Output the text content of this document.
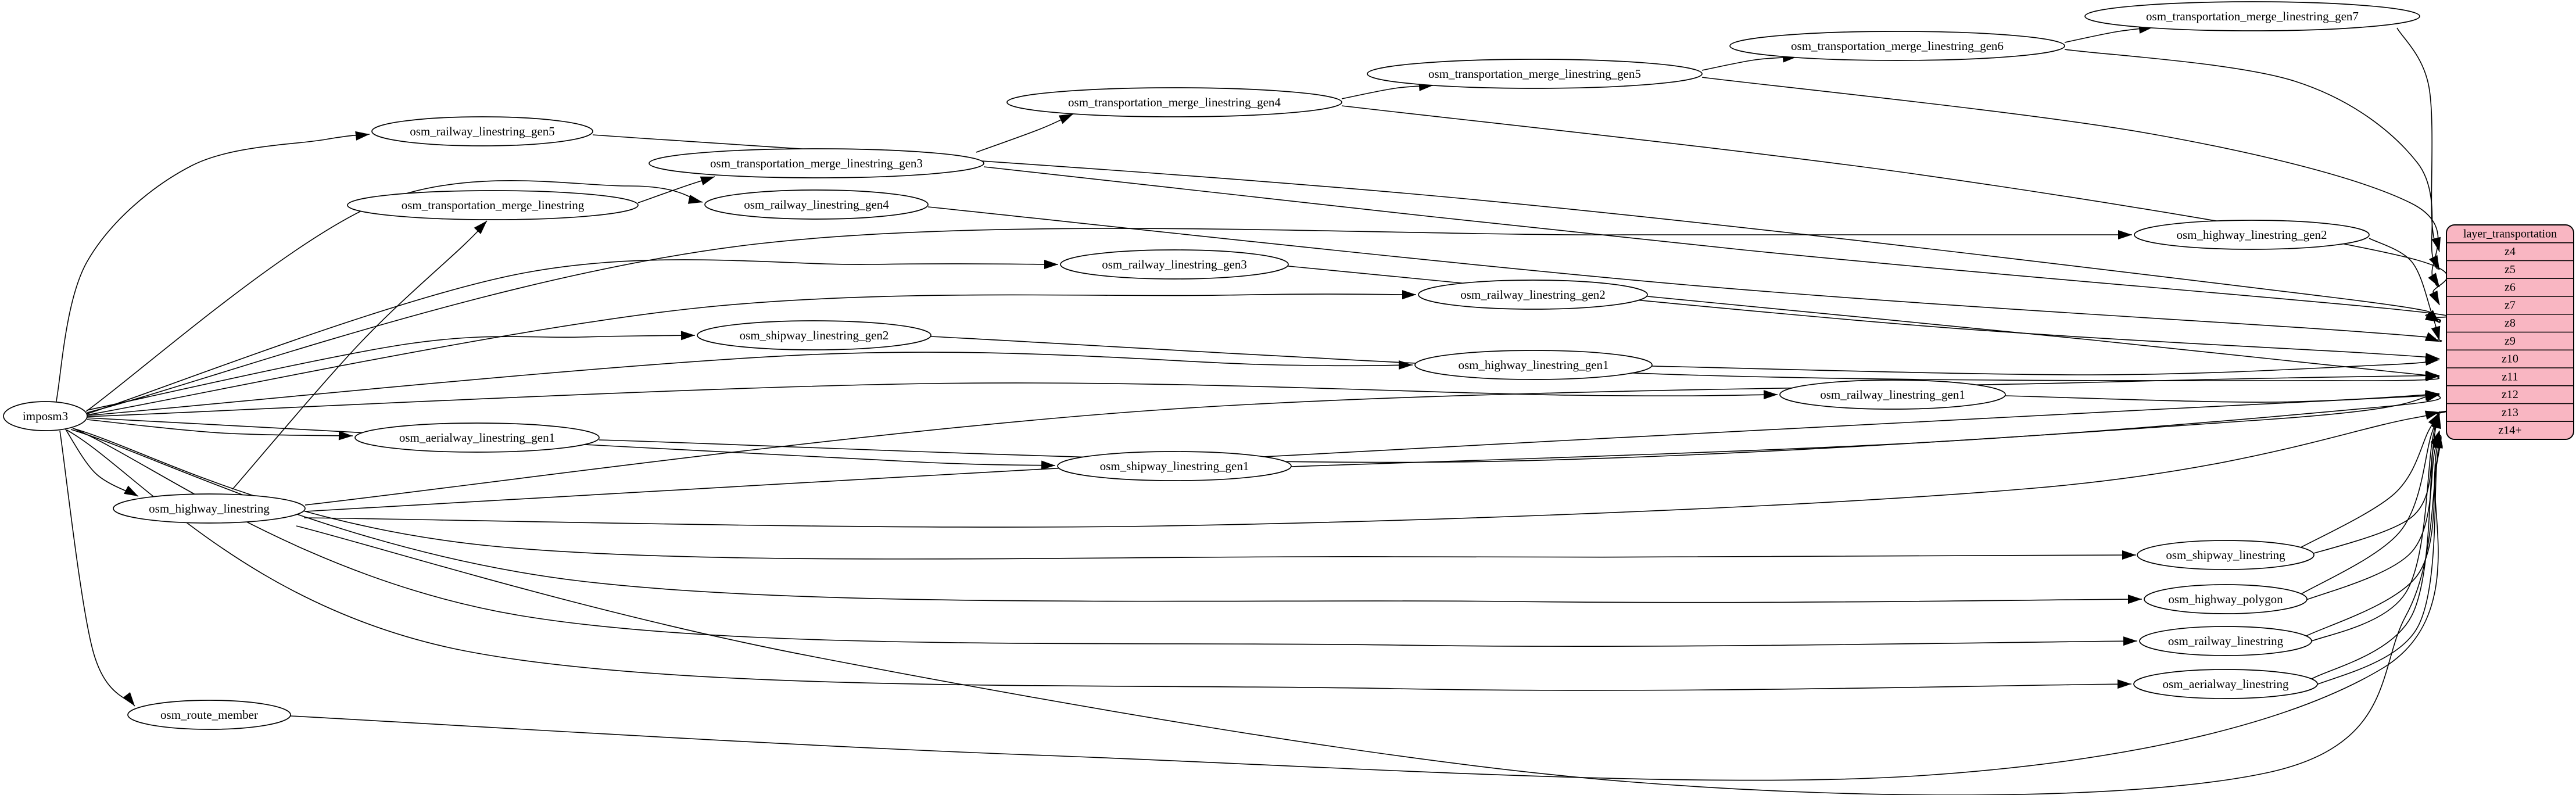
imposm3
osm_railway_linestring_gen5
osm_transportation_merge_linestring_gen3
osm_railway_linestring_gen4
osm_transportation_merge_linestring
osm_transportation_merge_linestring_gen4
osm_transportation_merge_linestring_gen5
osm_transportation_merge_linestring_gen6
osm_transportation_merge_linestring_gen7
osm_highway_linestring_gen2
osm_railway_linestring_gen3
osm_railway_linestring_gen2
osm_shipway_linestring_gen2
osm_highway_linestring_gen1
osm_railway_linestring_gen1
osm_aerialway_linestring_gen1
osm_shipway_linestring_gen1
osm_highway_linestring
osm_shipway_linestring
osm_highway_polygon
osm_railway_linestring
osm_aerialway_linestring
osm_route_member
layer_transportation
z4
z5
z6
z7
z8
z9
z10
z11
z12
z13
z14+
